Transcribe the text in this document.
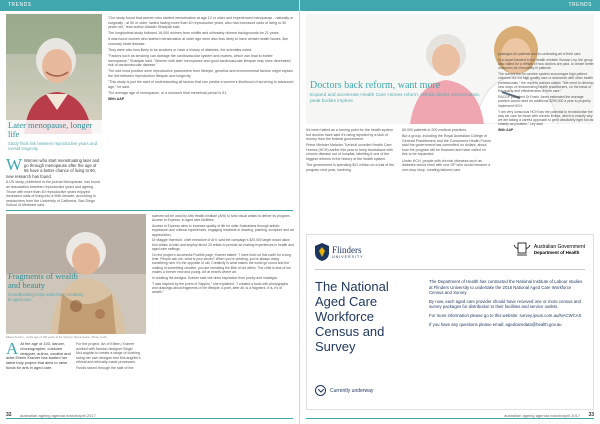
TRENDS
Later menopause, longer life
Study finds link between reproductive years and overall longevity

W Women who start menstruating later and go through menopause after the age of 55 have a better chance of living to 90, new research has found.

A US study, published in the journal Menopause, has found an association between reproductive years and ageing. Those with more than 40 reproductive years enjoyed increased odds of living into a 90th decade, according to researchers from the University of California, San Diego School of Medicine said.

"Our study found that women who started menstruation at age 12 or older and experienced menopause - naturally or surgically - at 50 or older, lasted having more than 40 reproductive years, also had increased odds of living to 90 years old," lead author Aladdin Shadyab said.

The longitudinal study followed 16,000 women from midlife and ultimately diverse backgrounds for 21 years.

It was found women who started menstruation at older age were also less likely to have certain health issues, like coronary heart disease.

They were also less likely to be smokers or have a history of diabetes, the scientists noted.

"Factors such as smoking can damage the cardiovascular system and ovaries, which can lead to earlier menopause," Shadyab said. "Women with later menopause and good cardiovascular lifespan may have decreased risk of cardiovascular disease."

The odd most positive were reproductive parameters from lifestyle, genetics and environmental factors might explain the link between reproduction lifespan and longevity.

"This study is just the start of understanding all factors that can predict a women's likelihood of surviving to advanced age," he said.

The average age of menopause, or a woman's final menstrual period is 51.

With AAP

Fragments of wealth and beauty
Crowdfunding helps artist bring creativity to aged care
Eileen Kramer - at the age of 100 years at the Sydney Opera House. Photo credit.

A At the age of 103, dancer, choreographer, costume designer, author, vocalist and artist Eileen Kramer has started her latest truly project that aims to raise funds for arts in aged care.

For the project, Art of Eileen, Kramer worked with fashion designer Brigid McLaughlin to create a range of clothing using her own designs and McLaughlin's ethical and ethically-made processes.

Funds raised through the sale of the

scarves will be used by Arts Health Institute (AHI) to fund visual artists to deliver its program, Access to Express, in aged care facilities.

Access to Express aims to increase quality of life for older Australians through artistic expression and cultural experiences, engaging residents in drawing, painting, sculpture and art appreciation.

Dr Maggie Haertsch, chief executive of AHI, said the campaign's $20,000 target would allow four artists to train and employ about 20 artists to provide art making experiences in health and aged care settings.

On the project's successful Pozible page, Kramer stated: "I have lived on this earth for a long time. People ask me, what is your secret? When you're creating, you're always doing something new. It's the opposite of old. Creativity is what makes the world go round and the making of something creative, you are remaking the little of old within. The child is less of me makes a forever new and young. Art at heart's where art.

In creating the designs, Kramer said she drew inspiration from poetry and nostalgia.

"I was inspired by the poem of Sappho," she explained. "I created a book with photographs and drawings about fragments of her lifestyle. A poet, after all, is a fragment. It is, it's of wealth."

32 australian ageing agenda march/april 2017
TRENDS
Doctors back reform, want more
Expand and accelerate Health Care Homes reform, rethink doctor remuneration, peak bodies implore

It's been hailed as a turning point for the health system but doctors have said it's being stymied by a lack of money from the federal government.

Prime Minister Malcolm Turnbull unveiled Health Care Homes (HCH) earlier this year to keep Australians with chronic disease out of hospital, labelling it one of the biggest reforms in the history of the health system.

The government is spending $21 million on a trial of the program next year, involving

65,000 patients in 200 medical practices.

But a group, including the Royal Australian College of General Practitioners and the Consumers Health Forum said the government has committed no dollars, about how the program will be financed and have called on this to be expanded.

Under HCH, people with chronic diseases such as diabetes would enrol with one GP who would become a one-stop shop, creating tailored care

packages for patients and co-ordinating all of their care.

In a report handed to the health minister Sussan Ley, the group also called for a rethink of how doctors are paid, to create better outcomes for chronically ill patients.

The current fee-for-service system encourages high patient volumes but not high quality care or teamwork with other health professionals," the report's authors stated. "We need to develop new ways of remunerating health practitioners, on the basis of the quality and effectiveness of their care."

RACGP president Dr Frank Jones estimated the average practice would need an additional $200,000 a year to properly implement HCH.

"I am very conscious HCH has the potential to revolutionise the way we care for those with chronic illness, which is exactly why we are taking a careful approach to get it absolutely right but as smartly as possible," Ley said.

With AAP

Flinders
UNIVERSITY
Australian Government
Department of Health
The National Aged Care Workforce Census and Survey

The Department of Health has contracted the National Institute of Labour studies at Flinders University to undertake the 2016 National Aged Care Workforce Census and Survey.

By now, each aged care provider should have received one or more census and survey packages for distribution to their facilities and service outlets.

For more information please go to this website: survey.ipsos.com.au/NACWCAS

If you have any questions please email: agedcaredata@health.gov.au

Currently underway
australian ageing agenda march/april 2017 33
